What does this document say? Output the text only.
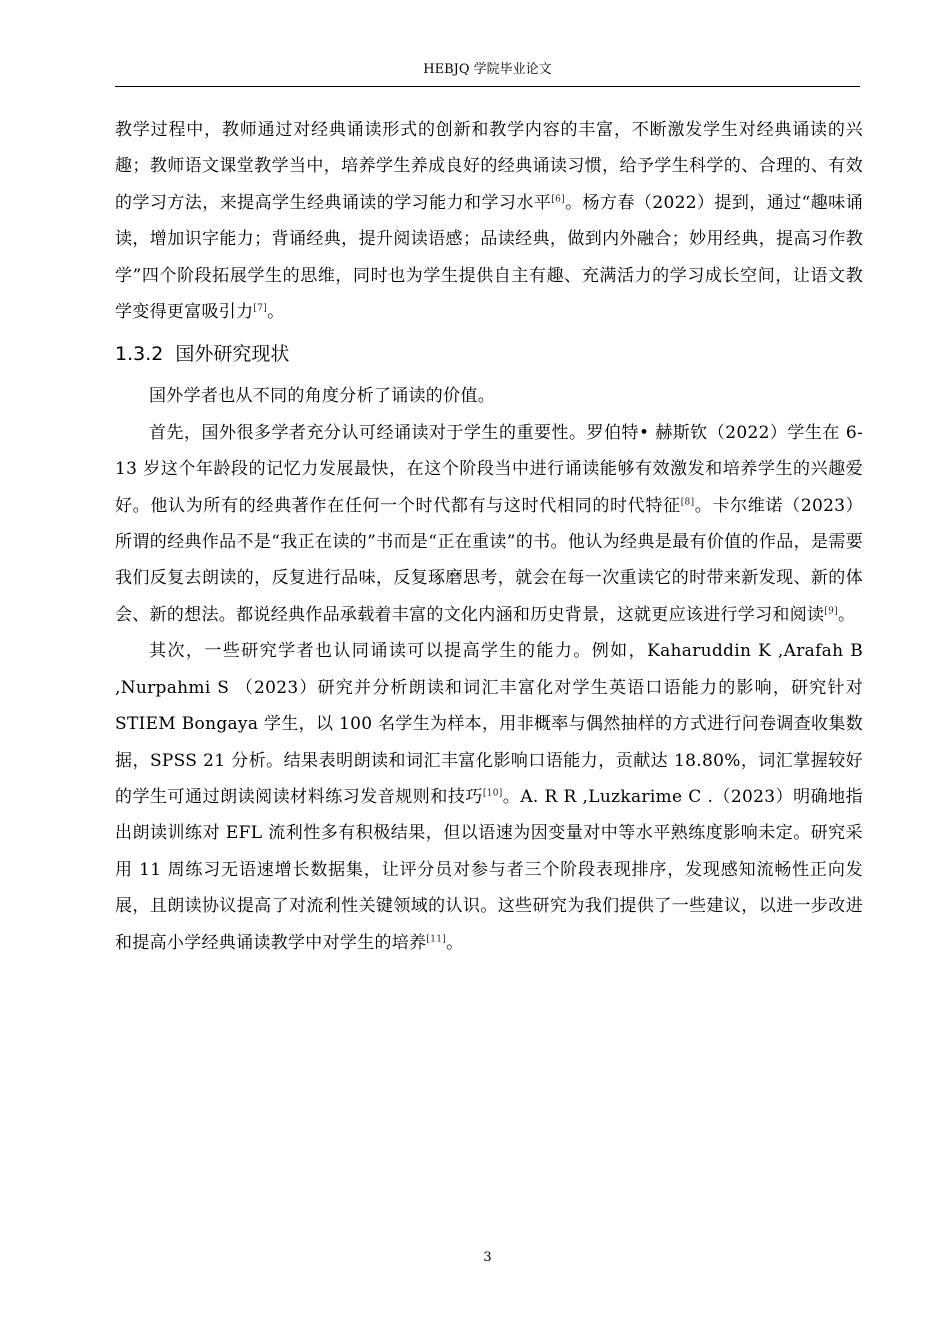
HEBJQ 学院毕业论文

教学过程中，教师通过对经典诵读形式的创新和教学内容的丰富，不断激发学生对经典诵读的兴趣；教师语文课堂教学当中，培养学生养成良好的经典诵读习惯，给予学生科学的、合理的、有效的学习方法，来提高学生经典诵读的学习能力和学习水平[6]。杨方春（2022）提到，通过“趣味诵读，增加识字能力；背诵经典，提升阅读语感；品读经典，做到内外融合；妙用经典，提高习作教学”四个阶段拓展学生的思维，同时也为学生提供自主有趣、充满活力的学习成长空间，让语文教学变得更富吸引力[7]。

1.3.2 国外研究现状

国外学者也从不同的角度分析了诵读的价值。

首先，国外很多学者充分认可经诵读对于学生的重要性。罗伯特• 赫斯钦（2022）学生在 6-13 岁这个年龄段的记忆力发展最快，在这个阶段当中进行诵读能够有效激发和培养学生的兴趣爱好。他认为所有的经典著作在任何一个时代都有与这时代相同的时代特征[8]。卡尔维诺（2023）所谓的经典作品不是“我正在读的”书而是“正在重读”的书。他认为经典是最有价值的作品，是需要我们反复去朗读的，反复进行品味，反复琢磨思考，就会在每一次重读它的时带来新发现、新的体会、新的想法。都说经典作品承载着丰富的文化内涵和历史背景，这就更应该进行学习和阅读[9]。

其次，一些研究学者也认同诵读可以提高学生的能力。例如，Kaharuddin K ,Arafah B ,Nurpahmi S （2023）研究并分析朗读和词汇丰富化对学生英语口语能力的影响，研究针对 STIEM Bongaya 学生，以 100 名学生为样本，用非概率与偶然抽样的方式进行问卷调查收集数据，SPSS 21 分析。结果表明朗读和词汇丰富化影响口语能力，贡献达 18.80%，词汇掌握较好的学生可通过朗读阅读材料练习发音规则和技巧[10]。A. R R ,Luzkarime C .（2023）明确地指出朗读训练对 EFL 流利性多有积极结果，但以语速为因变量对中等水平熟练度影响未定。研究采用 11 周练习无语速增长数据集，让评分员对参与者三个阶段表现排序，发现感知流畅性正向发展，且朗读协议提高了对流利性关键领域的认识。这些研究为我们提供了一些建议，以进一步改进和提高小学经典诵读教学中对学生的培养[11]。

3
